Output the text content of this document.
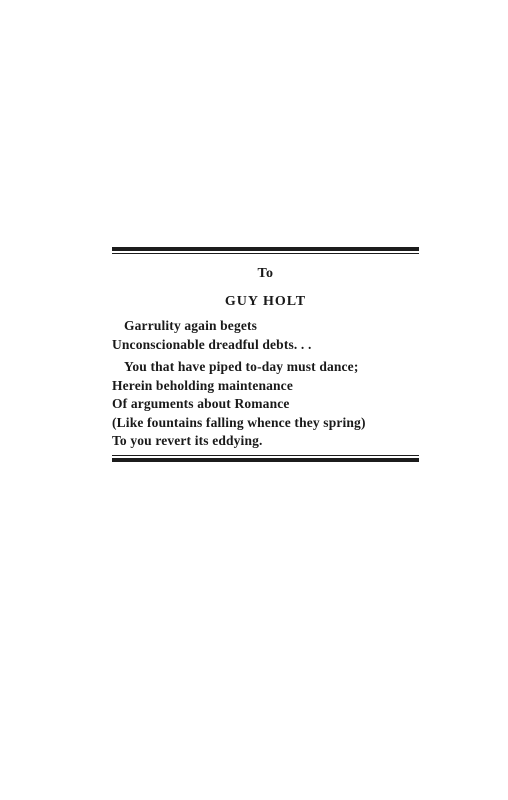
To
GUY HOLT
Garrulity again begets
Unconscionable dreadful debts. . .
You that have piped to-day must dance;
Herein beholding maintenance
Of arguments about Romance
(Like fountains falling whence they spring)
To you revert its eddying.
